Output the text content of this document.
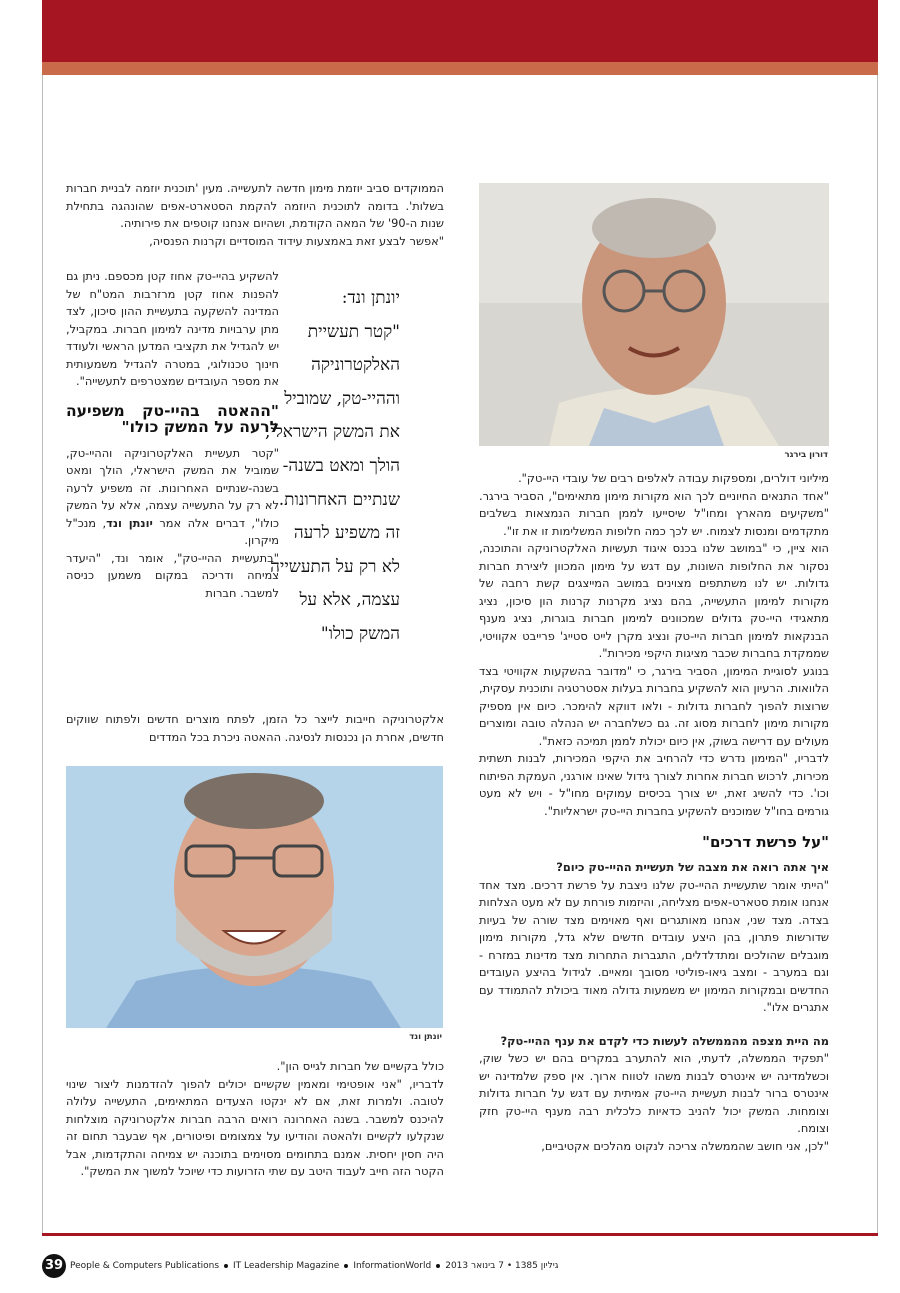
דורון בירגר

מיליוני דולרים, ומספקות עבודה לאלפים רבים של עובדי היי-טק".

"אחד התנאים החיוניים לכך הוא מקורות מימון מתאימים", הסביר בירגר. "משקיעים מהארץ ומחו"ל שיסייעו לממן חברות הנמצאות בשלבים מתקדמים ומנסות לצמוח. יש לכך כמה חלופות המשלימות זו את זו".

הוא ציין, כי "במושב שלנו בכנס איגוד תעשיות האלקטרוניקה והתוכנה, נסקור את החלופות השונות, עם דגש על מימון המכוון ליצירת חברות גדולות. יש לנו משתתפים מצוינים במושב המייצגים קשת רחבה של מקורות למימון התעשייה, בהם נציג מקרנות קרנות הון סיכון, נציג מתאגידי היי-טק גדולים שמכוונים למימון חברות בוגרות, נציג מענף הבנקאות למימון חברות היי-טק ונציג מקרן לייט סטייג' פרייבט אקוויטי, שממקדת בחברות שכבר מציגות היקפי מכירות".

בנוגע לסוגיית המימון, הסביר בירגר, כי "מדובר בהשקעות אקוויטי בצד הלוואות. הרעיון הוא להשקיע בחברות בעלות אסטרטגיה ותוכנית עסקית, שרוצות להפוך לחברות גדולות - ולאו דווקא להימכר. כיום אין מספיק מקורות מימון לחברות מסוג זה. גם כשלחברה יש הנהלה טובה ומוצרים מעולים עם דרישה בשוק, אין כיום יכולת לממן תמיכה כזאת".

לדבריו, "המימון נדרש כדי להרחיב את היקפי המכירות, לבנות תשתית מכירות, לרכוש חברות אחרות לצורך גידול שאינו אורגני, העמקת הפיתוח וכו'. כדי להשיג זאת, יש צורך בכיסים עמוקים מחו"ל - ויש לא מעט גורמים בחו"ל שמוכנים להשקיע בחברות היי-טק ישראליות".

"על פרשת דרכים"

איך אתה רואה את מצבה של תעשיית ההיי-טק כיום?

"הייתי אומר שתעשיית ההיי-טק שלנו ניצבת על פרשת דרכים. מצד אחד אנחנו אומת סטארט-אפים מצליחה, והיזמות פורחת עם לא מעט הצלחות בצדה. מצד שני, אנחנו מאותגרים ואף מאוימים מצד שורה של בעיות שדורשות פתרון, בהן היצע עובדים חדשים שלא גדל, מקורות מימון מוגבלים שהולכים ומתדלדלים, התגברות התחרות מצד מדינות במזרח - וגם במערב - ומצב גיאו-פוליטי מסובך ומאיים. לגידול בהיצע העובדים החדשים ובמקורות המימון יש משמעות גדולה מאוד ביכולת להתמודד עם אתגרים אלו".

מה היית מצפה מהממשלה לעשות כדי לקדם את ענף ההיי-טק?

"תפקיד הממשלה, לדעתי, הוא להתערב במקרים בהם יש כשל שוק, וכשלמדינה יש אינטרס לבנות משהו לטווח ארוך. אין ספק שלמדינה יש אינטרס ברור לבנות תעשיית היי-טק אמיתית עם דגש על חברות גדולות וצומחות. המשק יכול להניב כדאיות כלכלית רבה מענף היי-טק חזק וצומח.

"לכן, אני חושב שהממשלה צריכה לנקוט מהלכים אקטיביים,

הממוקדים סביב יוזמת מימון חדשה לתעשייה. מעין 'תוכנית יוזמה לבניית חברות בשלות'. בדומה לתוכנית היוזמה להקמת הסטארט-אפים שהונהגה בתחילת שנות ה-90' של המאה הקודמת, ושהיום אנחנו קוטפים את פירותיה.

"אפשר לבצע זאת באמצעות עידוד המוסדיים וקרנות הפנסיה,

להשקיע בהיי-טק אחוז קטן מכספם. ניתן גם להפנות אחוז קטן מרזרבות המט"ח של המדינה להשקעה בתעשיית ההון סיכון, לצד מתן ערבויות מדינה למימון חברות. במקביל, יש להגדיל את תקציבי המדען הראשי ולעודד חינוך טכנולוגי, במטרה להגדיל משמעותית את מספר העובדים שמצטרפים לתעשייה".

"ההאטה בהיי-טק משפיעה לרעה על המשק כולו"

"קטר תעשיית האלקטרוניקה וההיי-טק, שמוביל את המשק הישראלי, הולך ומאט בשנה-שנתיים האחרונות. זה משפיע לרעה לא רק על התעשייה עצמה, אלא על המשק כולו", דברים אלה אמר יונתן ונד, מנכ"ל מיקרון.

"בתעשיית ההיי-טק", אומר ונד, "היעדר צמיחה ודריכה במקום משמען כניסה למשבר. חברות

יונתן ונד:
"קטר תעשיית
האלקטרוניקה
וההיי-טק, שמוביל
את המשק הישראלי,
הולך ומאט בשנה-
שנתיים האחרונות.
זה משפיע לרעה
לא רק על התעשייה
עצמה, אלא על
המשק כולו"

אלקטרוניקה חייבות לייצר כל הזמן, לפתח מוצרים חדשים ולפתוח שווקים חדשים, אחרת הן נכנסות לנסיגה. ההאטה ניכרת בכל המדדים

יונתן ונד

כולל בקשיים של חברות לגייס הון".

לדבריו, "אני אופטימי ומאמין שקשיים יכולים להפוך להזדמנות ליצור שינוי לטובה. ולמרות זאת, אם לא ינקטו הצעדים המתאימים, התעשייה עלולה להיכנס למשבר. בשנה האחרונה רואים הרבה חברות אלקטרוניקה מוצלחות שנקלעו לקשיים ולהאטה והודיעו על צמצומים ופיטורים, אף שבעבר תחום זה היה חסין יחסית. אמנם בתחומים מסוימים בתוכנה יש צמיחה והתקדמות, אבל הקטר הזה חייב לעבוד היטב עם שתי הזרועות כדי שיוכל למשוך את המשק".

39 People & Computers Publications IT Leadership Magazine InformationWorld גיליון 1385 • 7 בינואר 2013
